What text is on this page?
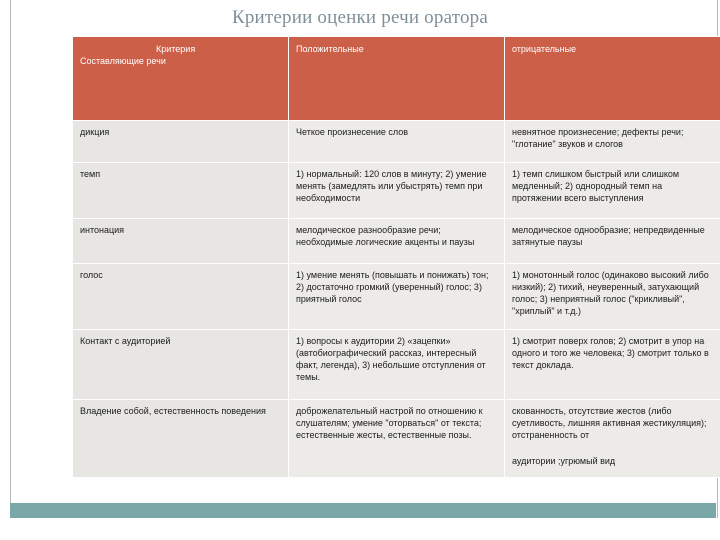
Критерии оценки речи оратора
Критерия
Составляющие речи	Положительные	отрицательные
дикция	Четкое произнесение слов	невнятное произнесение; дефекты речи; "глотание" звуков и слогов
темп	1) нормальный: 120 слов в минуту; 2) умение менять (замедлять или убыстрять) темп при необходимости	1) темп слишком быстрый или слишком медленный; 2) однородный темп на протяжении всего выступления
интонация	мелодическое разнообразие речи; необходимые логические акценты и паузы	мелодическое однообразие; непредвиденные затянутые паузы
голос	1) умение менять (повышать и понижать) тон; 2) достаточно громкий (уверенный) голос; 3) приятный голос	1) монотонный голос (одинаково высокий либо низкий); 2) тихий, неуверенный, затухающий голос; 3) неприятный голос ("крикливый", "хриплый" и т.д.)
Контакт с аудиторией	1) вопросы к аудитории 2) «зацепки» (автобиографический рассказ, интересный факт, легенда), 3) небольшие отступления от темы.	1) смотрит поверх голов; 2) смотрит в упор на одного и того же человека; 3) смотрит только в текст доклада.
Владение собой, естественность поведения	доброжелательный настрой по отношению к слушателям; умение "оторваться" от текста; естественные жесты, естественные позы.	скованность, отсутствие жестов (либо суетливость, лишняя активная жестикуляция); отстраненность от
аудитории ;угрюмый вид
